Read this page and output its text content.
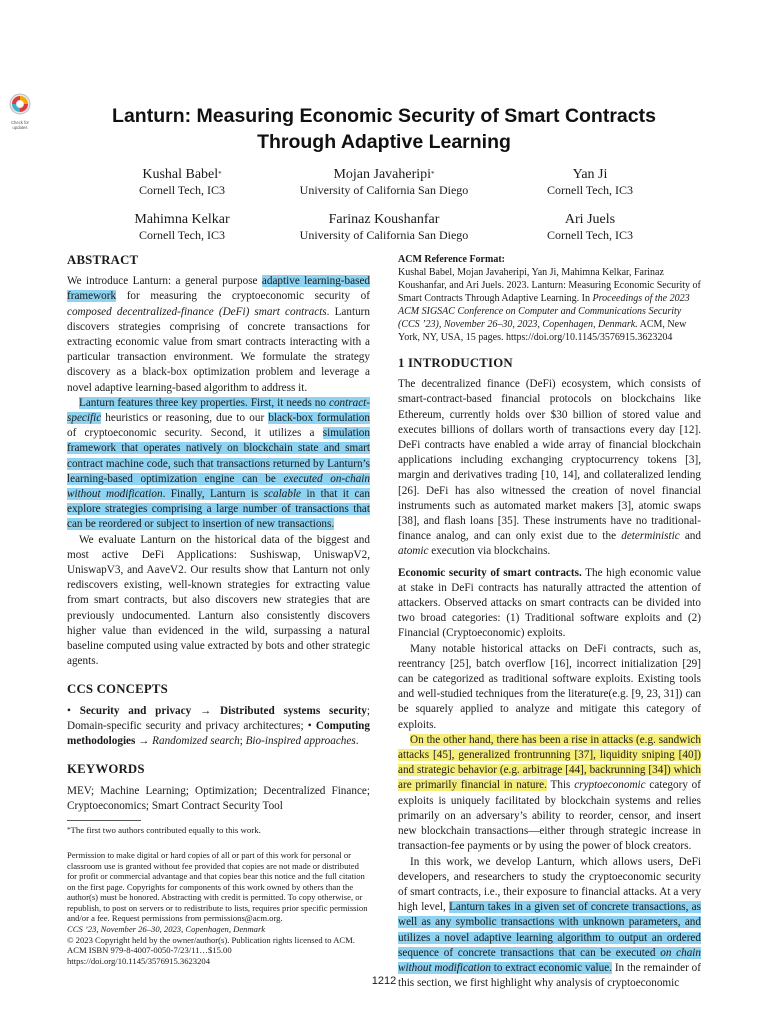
Check for
updates
Lanturn: Measuring Economic Security of Smart Contracts
Through Adaptive Learning
Kushal Babel*
Cornell Tech, IC3
Mojan Javaheripi*
University of California San Diego
Yan Ji
Cornell Tech, IC3
Mahimna Kelkar
Cornell Tech, IC3
Farinaz Koushanfar
University of California San Diego
Ari Juels
Cornell Tech, IC3
ABSTRACT

We introduce Lanturn: a general purpose adaptive learning-based framework for measuring the cryptoeconomic security of composed decentralized-finance (DeFi) smart contracts. Lanturn discovers strategies comprising of concrete transactions for extracting economic value from smart contracts interacting with a particular transaction environment. We formulate the strategy discovery as a black-box optimization problem and leverage a novel adaptive learning-based algorithm to address it.

Lanturn features three key properties. First, it needs no contract-specific heuristics or reasoning, due to our black-box formulation of cryptoeconomic security. Second, it utilizes a simulation framework that operates natively on blockchain state and smart contract machine code, such that transactions returned by Lanturn’s learning-based optimization engine can be executed on-chain without modification. Finally, Lanturn is scalable in that it can explore strategies comprising a large number of transactions that can be reordered or subject to insertion of new transactions.

We evaluate Lanturn on the historical data of the biggest and most active DeFi Applications: Sushiswap, UniswapV2, UniswapV3, and AaveV2. Our results show that Lanturn not only rediscovers existing, well-known strategies for extracting value from smart contracts, but also discovers new strategies that are previously undocumented. Lanturn also consistently discovers higher value than evidenced in the wild, surpassing a natural baseline computed using value extracted by bots and other strategic agents.

CCS CONCEPTS

• Security and privacy → Distributed systems security; Domain-specific security and privacy architectures; • Computing methodologies → Randomized search; Bio-inspired approaches.

KEYWORDS

MEV; Machine Learning; Optimization; Decentralized Finance; Cryptoeconomics; Smart Contract Security Tool

*The first two authors contributed equally to this work.

Permission to make digital or hard copies of all or part of this work for personal or classroom use is granted without fee provided that copies are not made or distributed for profit or commercial advantage and that copies bear this notice and the full citation on the first page. Copyrights for components of this work owned by others than the author(s) must be honored. Abstracting with credit is permitted. To copy otherwise, or republish, to post on servers or to redistribute to lists, requires prior specific permission and/or a fee. Request permissions from permissions@acm.org.

CCS ’23, November 26–30, 2023, Copenhagen, Denmark

© 2023 Copyright held by the owner/author(s). Publication rights licensed to ACM.

ACM ISBN 979-8-4007-0050-7/23/11…$15.00

https://doi.org/10.1145/3576915.3623204

ACM Reference Format:

Kushal Babel, Mojan Javaheripi, Yan Ji, Mahimna Kelkar, Farinaz Koushanfar, and Ari Juels. 2023. Lanturn: Measuring Economic Security of Smart Contracts Through Adaptive Learning. In Proceedings of the 2023 ACM SIGSAC Conference on Computer and Communications Security (CCS ’23), November 26–30, 2023, Copenhagen, Denmark. ACM, New York, NY, USA, 15 pages. https://doi.org/10.1145/3576915.3623204

1 INTRODUCTION

The decentralized finance (DeFi) ecosystem, which consists of smart-contract-based financial protocols on blockchains like Ethereum, currently holds over $30 billion of stored value and executes billions of dollars worth of transactions every day [12]. DeFi contracts have enabled a wide array of financial blockchain applications including exchanging cryptocurrency tokens [3], margin and derivatives trading [10, 14], and collateralized lending [26]. DeFi has also witnessed the creation of novel financial instruments such as automated market makers [3], atomic swaps [38], and flash loans [35]. These instruments have no traditional-finance analog, and can only exist due to the deterministic and atomic execution via blockchains.

Economic security of smart contracts. The high economic value at stake in DeFi contracts has naturally attracted the attention of attackers. Observed attacks on smart contracts can be divided into two broad categories: (1) Traditional software exploits and (2) Financial (Cryptoeconomic) exploits.

Many notable historical attacks on DeFi contracts, such as, reentrancy [25], batch overflow [16], incorrect initialization [29] can be categorized as traditional software exploits. Existing tools and well-studied techniques from the literature(e.g. [9, 23, 31]) can be squarely applied to analyze and mitigate this category of exploits.

On the other hand, there has been a rise in attacks (e.g. sandwich attacks [45], generalized frontrunning [37], liquidity sniping [40]) and strategic behavior (e.g. arbitrage [44], backrunning [34]) which are primarily financial in nature. This cryptoeconomic category of exploits is uniquely facilitated by blockchain systems and relies primarily on an adversary’s ability to reorder, censor, and insert new blockchain transactions—either through strategic increase in transaction-fee payments or by using the power of block creators.

In this work, we develop Lanturn, which allows users, DeFi developers, and researchers to study the cryptoeconomic security of smart contracts, i.e., their exposure to financial attacks. At a very high level, Lanturn takes in a given set of concrete transactions, as well as any symbolic transactions with unknown parameters, and utilizes a novel adaptive learning algorithm to output an ordered sequence of concrete transactions that can be executed on chain without modification to extract economic value. In the remainder of this section, we first highlight why analysis of cryptoeconomic

1212
